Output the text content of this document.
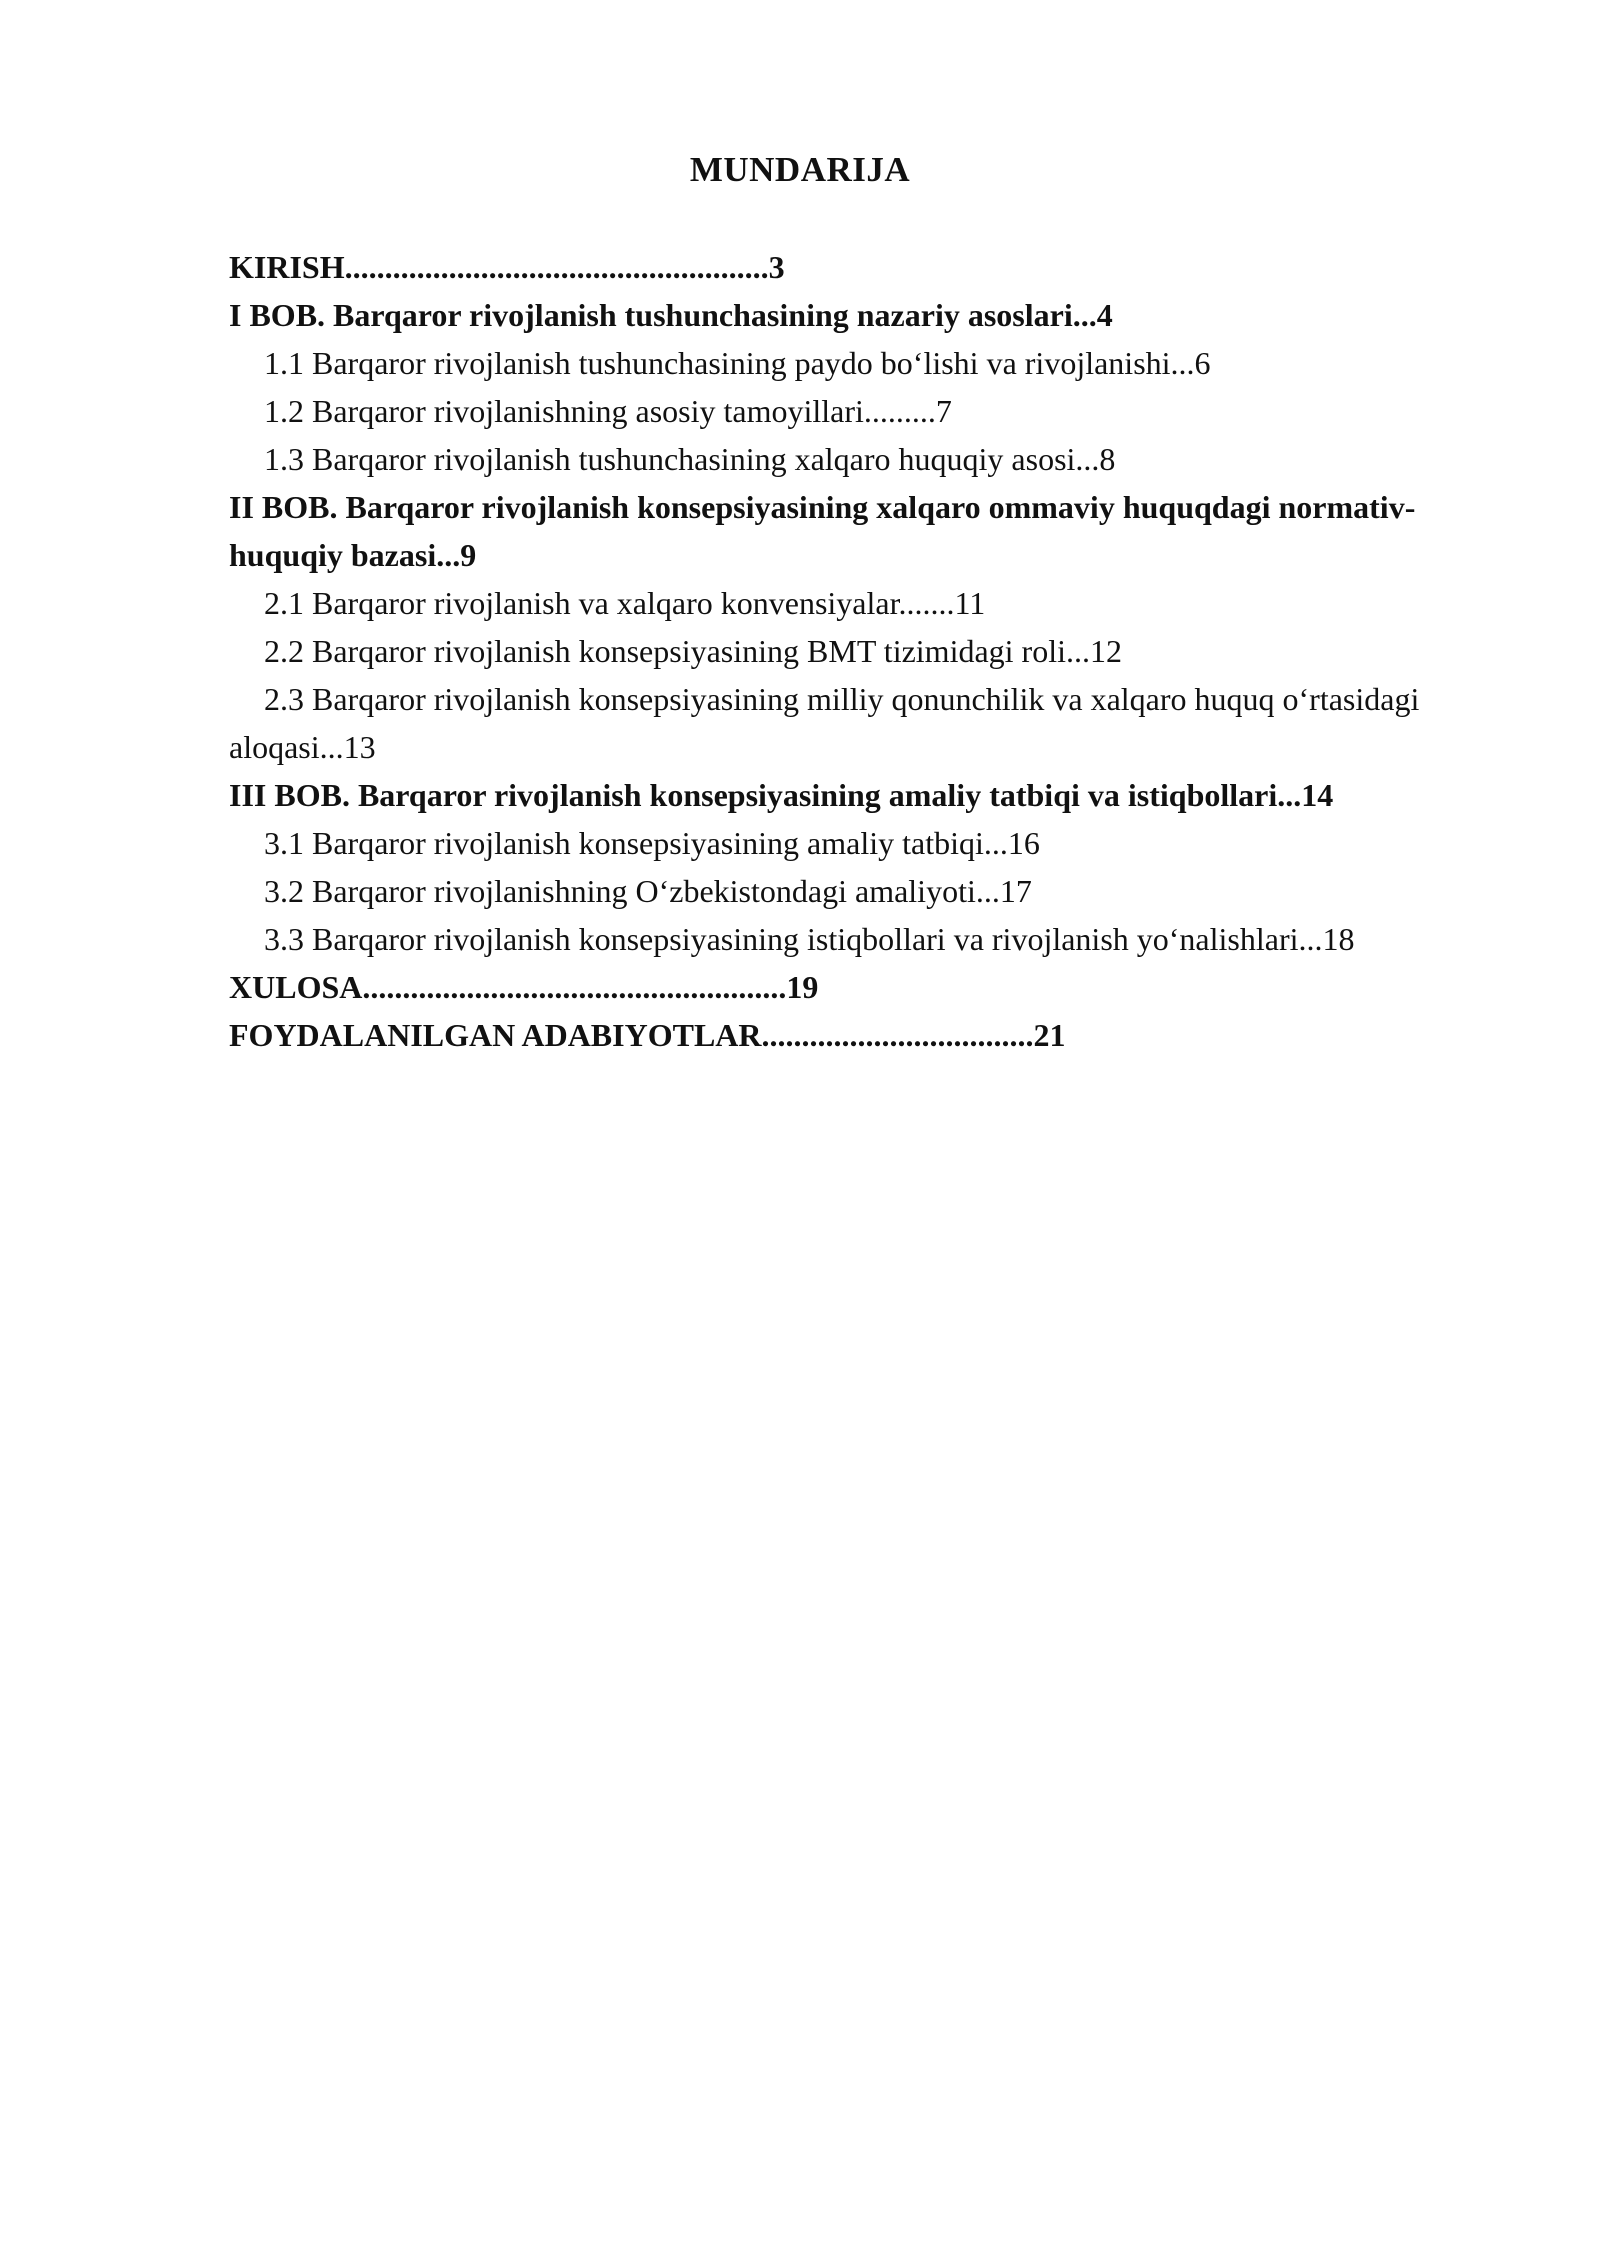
MUNDARIJA

KIRISH.....................................................3

I BOB. Barqaror rivojlanish tushunchasining nazariy asoslari...4

1.1 Barqaror rivojlanish tushunchasining paydo bo‘lishi va rivojlanishi...6

1.2 Barqaror rivojlanishning asosiy tamoyillari.........7

1.3 Barqaror rivojlanish tushunchasining xalqaro huquqiy asosi...8

II BOB. Barqaror rivojlanish konsepsiyasining xalqaro ommaviy huquqdagi normativ-huquqiy bazasi...9

2.1 Barqaror rivojlanish va xalqaro konvensiyalar.......11

2.2 Barqaror rivojlanish konsepsiyasining BMT tizimidagi roli...12

2.3 Barqaror rivojlanish konsepsiyasining milliy qonunchilik va xalqaro huquq o‘rtasidagi aloqasi...13

III BOB. Barqaror rivojlanish konsepsiyasining amaliy tatbiqi va istiqbollari...14

3.1 Barqaror rivojlanish konsepsiyasining amaliy tatbiqi...16

3.2 Barqaror rivojlanishning O‘zbekistondagi amaliyoti...17

3.3 Barqaror rivojlanish konsepsiyasining istiqbollari va rivojlanish yo‘nalishlari...18

XULOSA.....................................................19

FOYDALANILGAN ADABIYOTLAR..................................21
